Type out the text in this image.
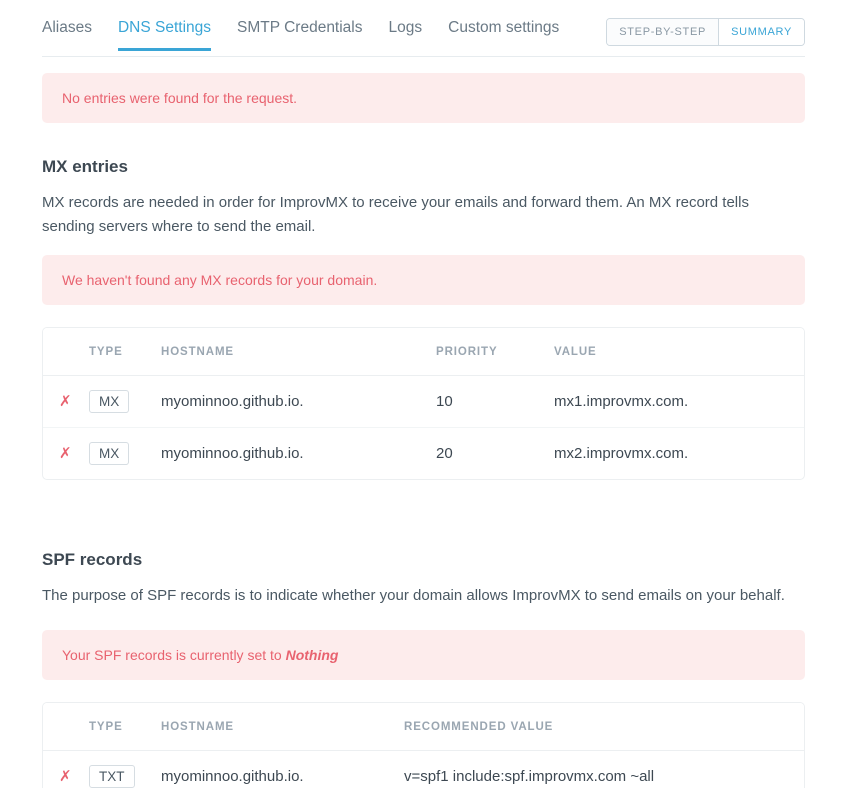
Aliases DNS Settings SMTP Credentials Logs Custom settings	STEP-BY-STEP	SUMMARY
No entries were found for the request.
MX entries

MX records are needed in order for ImprovMX to receive your emails and forward them. An MX record tells sending servers where to send the email.

We haven't found any MX records for your domain.
	TYPE	HOSTNAME	PRIORITY	VALUE
✗	MX	myominnoo.github.io.	10	mx1.improvmx.com.
✗	MX	myominnoo.github.io.	20	mx2.improvmx.com.
SPF records

The purpose of SPF records is to indicate whether your domain allows ImprovMX to send emails on your behalf.

Your SPF records is currently set to Nothing
	TYPE	HOSTNAME	RECOMMENDED VALUE
✗	TXT	myominnoo.github.io.	v=spf1 include:spf.improvmx.com ~all
